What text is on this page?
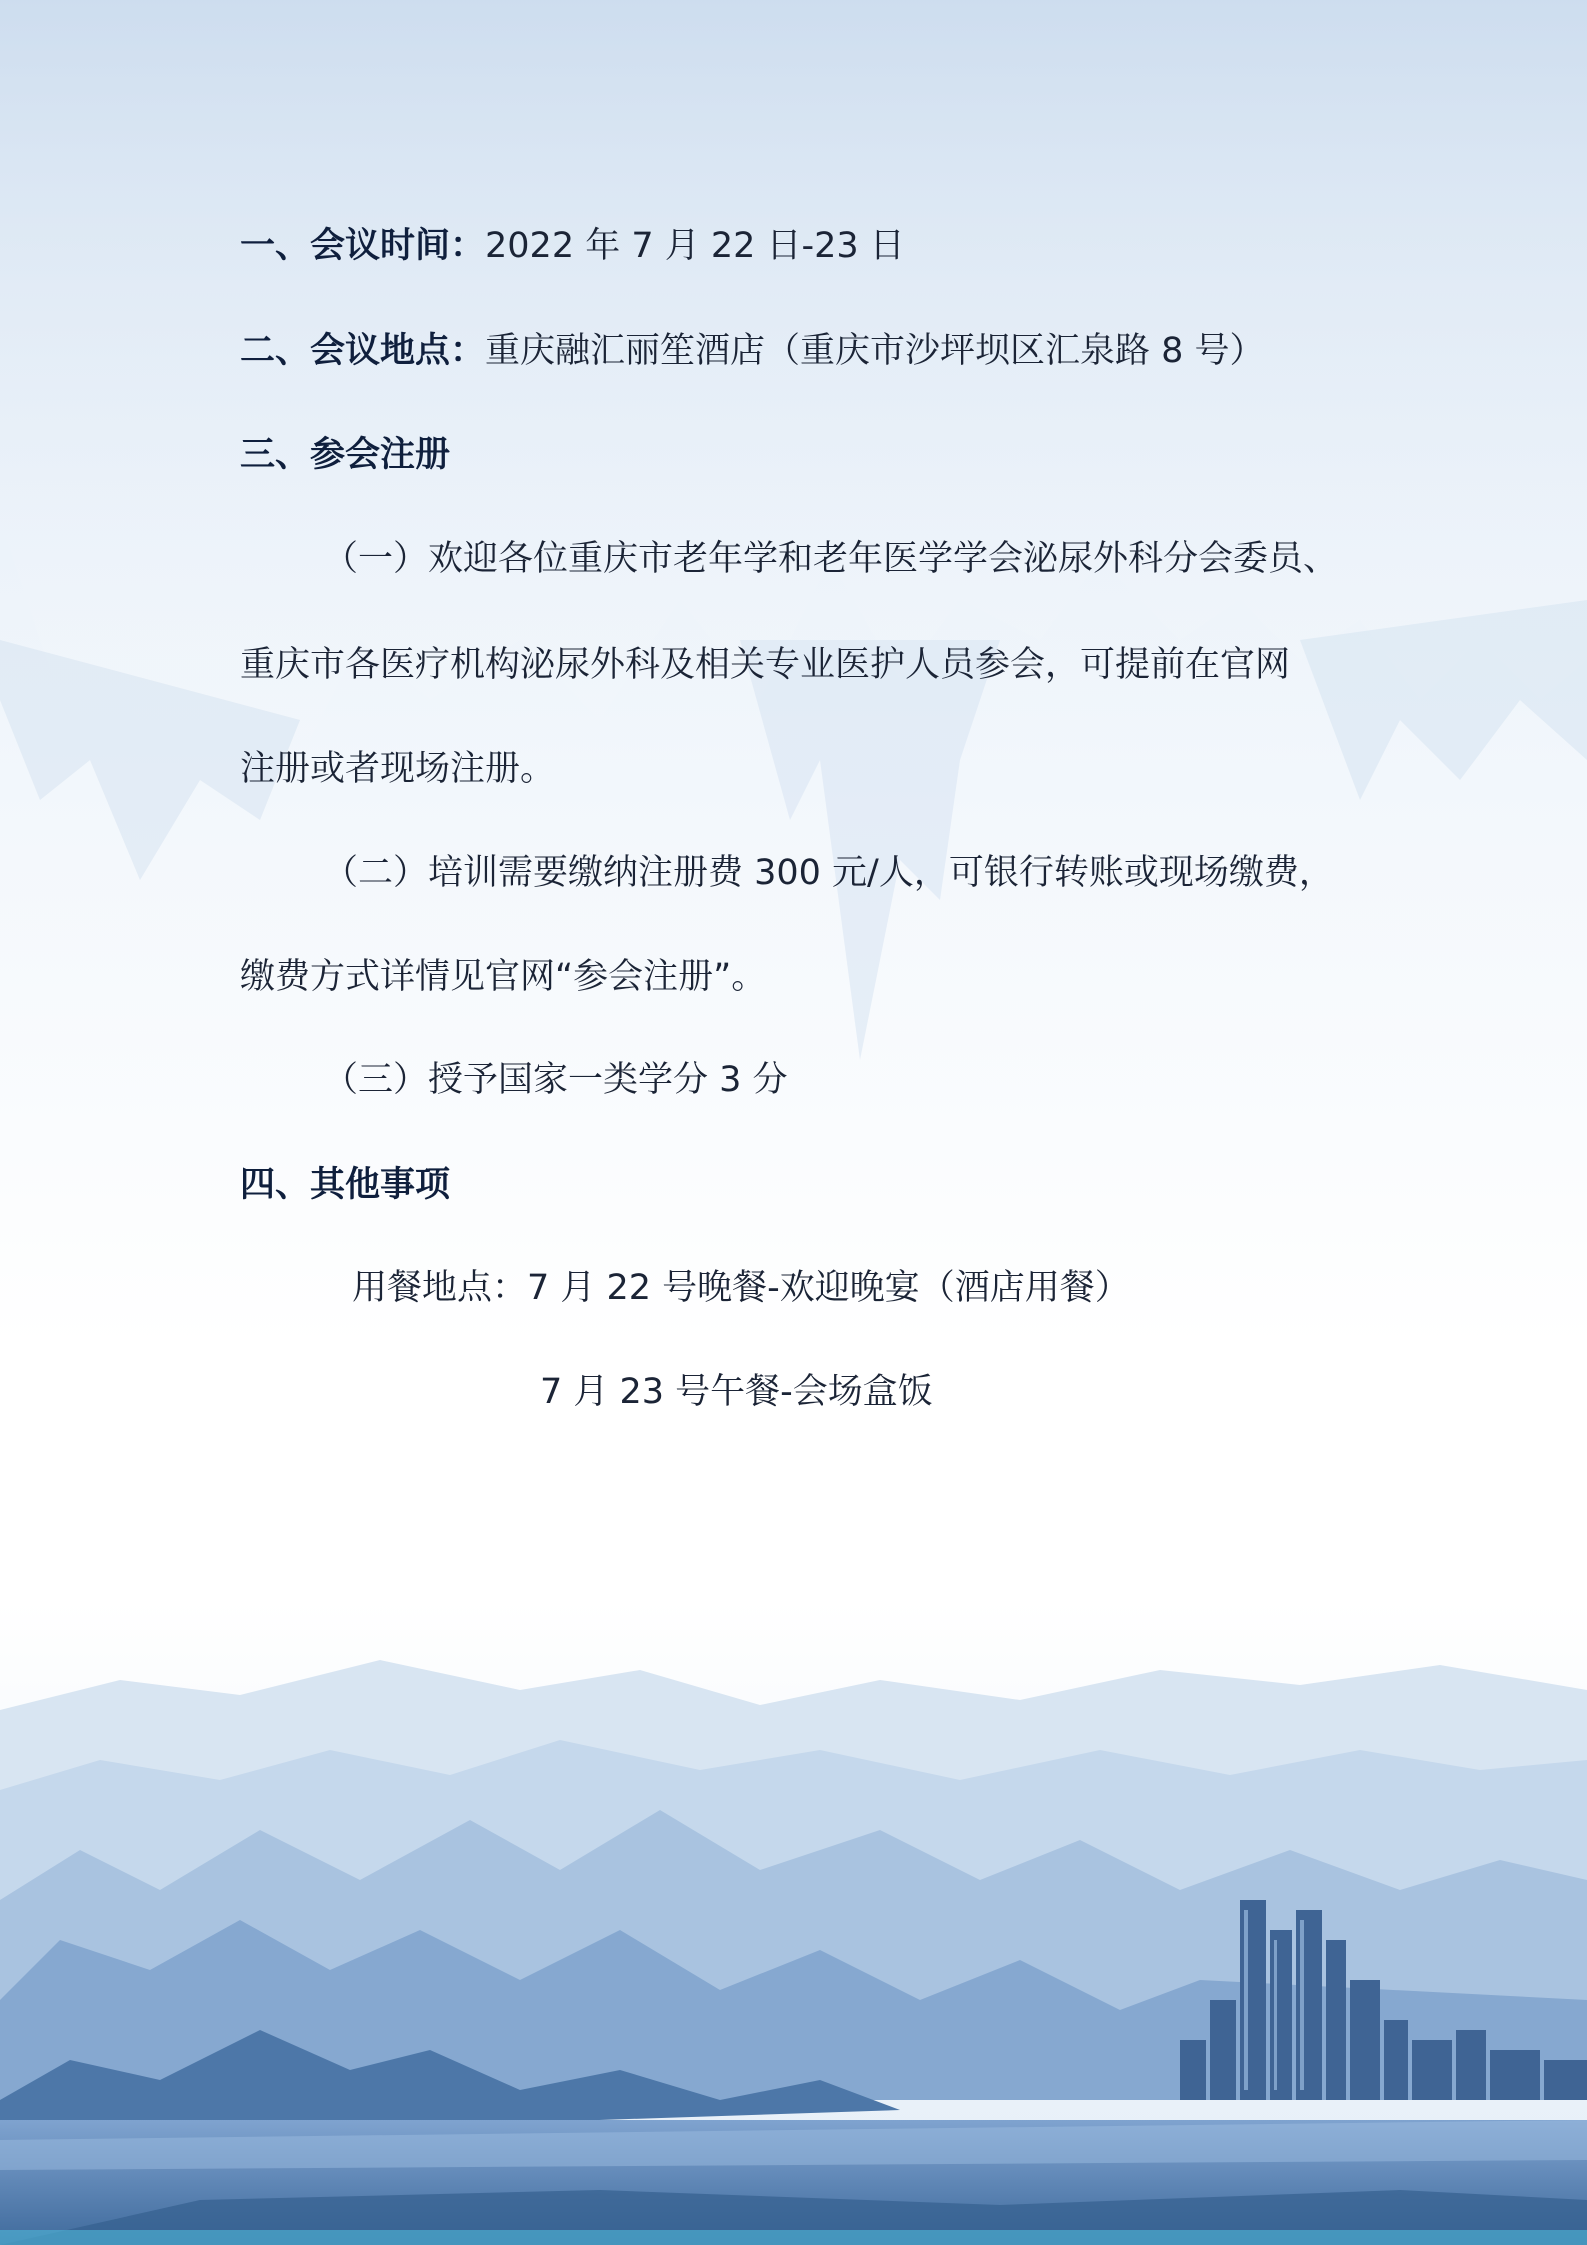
一、会议时间：2022 年 7 月 22 日-23 日
二、会议地点：重庆融汇丽笙酒店（重庆市沙坪坝区汇泉路 8 号）
三、参会注册
（一）欢迎各位重庆市老年学和老年医学学会泌尿外科分会委员、
重庆市各医疗机构泌尿外科及相关专业医护人员参会，可提前在官网
注册或者现场注册。
（二）培训需要缴纳注册费 300 元/人，可银行转账或现场缴费，
缴费方式详情见官网“参会注册”。
（三）授予国家一类学分 3 分
四、其他事项
用餐地点：7 月 22 号晚餐-欢迎晚宴（酒店用餐）
7 月 23 号午餐-会场盒饭
